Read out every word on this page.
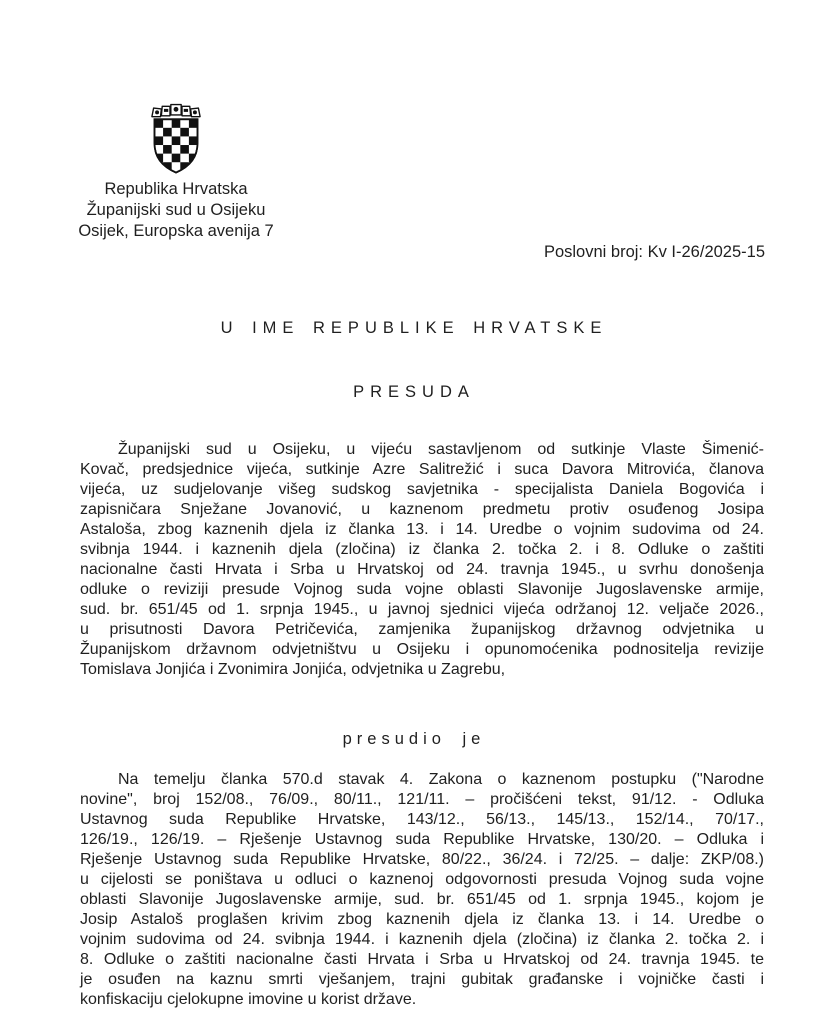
Republika Hrvatska
Županijski sud u Osijeku
Osijek, Europska avenija 7
Poslovni broj: Kv I-26/2025-15
U IME REPUBLIKE HRVATSKE
PRESUDA
Županijski sud u Osijeku, u vijeću sastavljenom od sutkinje Vlaste Šimenić-
Kovač, predsjednice vijeća, sutkinje Azre Salitrežić i suca Davora Mitrovića, članova
vijeća, uz sudjelovanje višeg sudskog savjetnika - specijalista Daniela Bogovića i
zapisničara Snježane Jovanović, u kaznenom predmetu protiv osuđenog Josipa
Astaloša, zbog kaznenih djela iz članka 13. i 14. Uredbe o vojnim sudovima od 24.
svibnja 1944. i kaznenih djela (zločina) iz članka 2. točka 2. i 8. Odluke o zaštiti
nacionalne časti Hrvata i Srba u Hrvatskoj od 24. travnja 1945., u svrhu donošenja
odluke o reviziji presude Vojnog suda vojne oblasti Slavonije Jugoslavenske armije,
sud. br. 651/45 od 1. srpnja 1945., u javnoj sjednici vijeća održanoj 12. veljače 2026.,
u prisutnosti Davora Petričevića, zamjenika županijskog državnog odvjetnika u
Županijskom državnom odvjetništvu u Osijeku i opunomoćenika podnositelja revizije
Tomislava Jonjića i Zvonimira Jonjića, odvjetnika u Zagrebu,
presudio je
Na temelju članka 570.d stavak 4. Zakona o kaznenom postupku ("Narodne
novine", broj 152/08., 76/09., 80/11., 121/11. – pročišćeni tekst, 91/12. - Odluka
Ustavnog suda Republike Hrvatske, 143/12., 56/13., 145/13., 152/14., 70/17.,
126/19., 126/19. – Rješenje Ustavnog suda Republike Hrvatske, 130/20. – Odluka i
Rješenje Ustavnog suda Republike Hrvatske, 80/22., 36/24. i 72/25. – dalje: ZKP/08.)
u cijelosti se poništava u odluci o kaznenoj odgovornosti presuda Vojnog suda vojne
oblasti Slavonije Jugoslavenske armije, sud. br. 651/45 od 1. srpnja 1945., kojom je
Josip Astaloš proglašen krivim zbog kaznenih djela iz članka 13. i 14. Uredbe o
vojnim sudovima od 24. svibnja 1944. i kaznenih djela (zločina) iz članka 2. točka 2. i
8. Odluke o zaštiti nacionalne časti Hrvata i Srba u Hrvatskoj od 24. travnja 1945. te
je osuđen na kaznu smrti vješanjem, trajni gubitak građanske i vojničke časti i
konfiskaciju cjelokupne imovine u korist države.
